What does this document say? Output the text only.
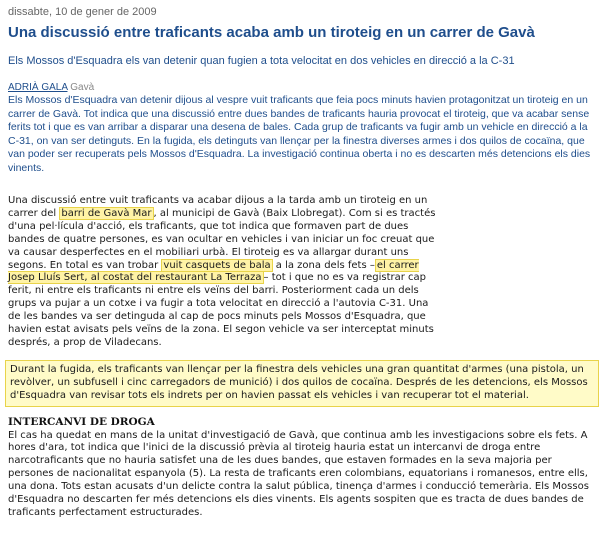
dissabte, 10 de gener de 2009
Una discussió entre traficants acaba amb un tiroteig en un carrer de Gavà
Els Mossos d'Esquadra els van detenir quan fugien a tota velocitat en dos vehicles en direcció a la C-31
ADRIÀ GALA Gavà
Els Mossos d'Esquadra van detenir dijous al vespre vuit traficants que feia pocs minuts havien protagonitzat un tiroteig en un carrer de Gavà. Tot indica que una discussió entre dues bandes de traficants hauria provocat el tiroteig, que va acabar sense ferits tot i que es van arribar a disparar una desena de bales. Cada grup de traficants va fugir amb un vehicle en direcció a la C-31, on van ser detinguts. En la fugida, els detinguts van llençar per la finestra diverses armes i dos quilos de cocaïna, que van poder ser recuperats pels Mossos d'Esquadra. La investigació continua oberta i no es descarten més detencions els dies vinents.
Una discussió entre vuit traficants va acabar dijous a la tarda amb un tiroteig en un carrer del barri de Gavà Mar , al municipi de Gavà (Baix Llobregat). Com si es tractés d'una pel·lícula d'acció, els traficants, que tot indica que formaven part de dues bandes de quatre persones, es van ocultar en vehicles i van iniciar un foc creuat que va causar desperfectes en el mobiliari urbà. El tiroteig es va allargar durant uns segons. En total es van trobar vuit casquets de bala a la zona dels fets – el carrer Josep Lluís Sert, al costat del restaurant La Terraza – tot i que no es va registrar cap ferit, ni entre els traficants ni entre els veïns del barri. Posteriorment cada un dels grups va pujar a un cotxe i va fugir a tota velocitat en direcció a l'autovia C-31. Una de les bandes va ser detinguda al cap de pocs minuts pels Mossos d'Esquadra, que havien estat avisats pels veïns de la zona. El segon vehicle va ser interceptat minuts després, a prop de Viladecans.
Durant la fugida, els traficants van llençar per la finestra dels vehicles una gran quantitat d'armes (una pistola, un revòlver, un subfusell i cinc carregadors de munició) i dos quilos de cocaïna. Després de les detencions, els Mossos d'Esquadra van revisar tots els indrets per on havien passat els vehicles i van recuperar tot el material.
INTERCANVI DE DROGA
El cas ha quedat en mans de la unitat d'investigació de Gavà, que continua amb les investigacions sobre els fets. A hores d'ara, tot indica que l'inici de la discussió prèvia al tiroteig hauria estat un intercanvi de droga entre narcotraficants que no hauria satisfet una de les dues bandes, que estaven formades en la seva majoria per persones de nacionalitat espanyola (5). La resta de traficants eren colombians, equatorians i romanesos, entre ells, una dona. Tots estan acusats d'un delicte contra la salut pública, tinença d'armes i conducció temerària. Els Mossos d'Esquadra no descarten fer més detencions els dies vinents. Els agents sospiten que es tracta de dues bandes de traficants perfectament estructurades.
